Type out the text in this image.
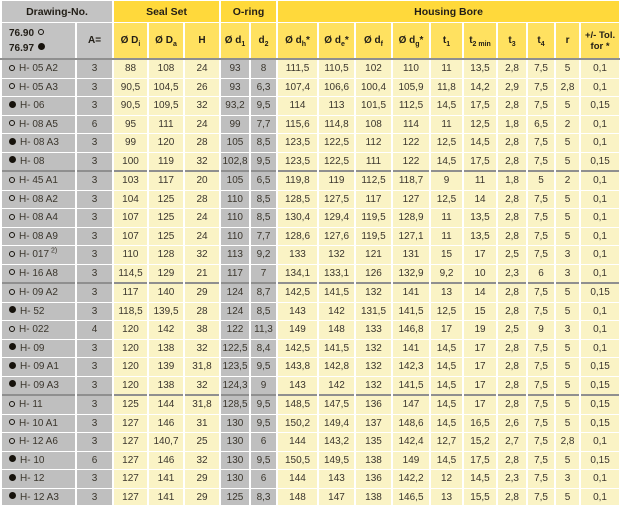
Drawing-No.		Seal Set			O-ring		Housing Bore									

76.90
76.97
	A=	Ø $D_i$	Ø $D_a$	H	Ø $d_1$	$d_2$	Ø $d_h*$	Ø $d_e*$	Ø $d_f$	Ø $d_g*$	$t_1$	$t_{2 min}$	$t_3$	$t_4$	r	+/- Tol.
for *

H- 05 A2	3	88	108	24	93	8	111,5	110,5	102	110	11	13,5	2,8	7,5	5	0,1
H- 05 A3	3	90,5	104,5	26	93	6,3	107,4	106,6	100,4	105,9	11,8	14,2	2,9	7,5	2,8	0,1
H- 06	3	90,5	109,5	32	93,2	9,5	114	113	101,5	112,5	14,5	17,5	2,8	7,5	5	0,15
H- 08 A5	6	95	111	24	99	7,7	115,6	114,8	108	114	11	12,5	1,8	6,5	2	0,1
H- 08 A3	3	99	120	28	105	8,5	123,5	122,5	112	122	12,5	14,5	2,8	7,5	5	0,1
H- 08	3	100	119	32	102,8	9,5	123,5	122,5	111	122	14,5	17,5	2,8	7,5	5	0,15
H- 45 A1	3	103	117	20	105	6,5	119,8	119	112,5	118,7	9	11	1,8	5	2	0,1
H- 08 A2	3	104	125	28	110	8,5	128,5	127,5	117	127	12,5	14	2,8	7,5	5	0,1
H- 08 A4	3	107	125	24	110	8,5	130,4	129,4	119,5	128,9	11	13,5	2,8	7,5	5	0,1
H- 08 A9	3	107	125	24	110	7,7	128,6	127,6	119,5	127,1	11	13,5	2,8	7,5	5	0,1
H- 017 $^{2)}$	3	110	128	32	113	9,2	133	132	121	131	15	17	2,5	7,5	3	0,1
H- 16 A8	3	114,5	129	21	117	7	134,1	133,1	126	132,9	9,2	10	2,3	6	3	0,1
H- 09 A2	3	117	140	29	124	8,7	142,5	141,5	132	141	13	14	2,8	7,5	5	0,15
H- 52	3	118,5	139,5	28	124	8,5	143	142	131,5	141,5	12,5	15	2,8	7,5	5	0,1
H- 022	4	120	142	38	122	11,3	149	148	133	146,8	17	19	2,5	9	3	0,1
H- 09	3	120	138	32	122,5	8,4	142,5	141,5	132	141	14,5	17	2,8	7,5	5	0,1
H- 09 A1	3	120	139	31,8	123,5	9,5	143,8	142,8	132	142,3	14,5	17	2,8	7,5	5	0,15
H- 09 A3	3	120	138	32	124,3	9	143	142	132	141,5	14,5	17	2,8	7,5	5	0,15
H- 11	3	125	144	31,8	128,5	9,5	148,5	147,5	136	147	14,5	17	2,8	7,5	5	0,15
H- 10 A1	3	127	146	31	130	9,5	150,2	149,4	137	148,6	14,5	16,5	2,6	7,5	5	0,15
H- 12 A6	3	127	140,7	25	130	6	144	143,2	135	142,4	12,7	15,2	2,7	7,5	2,8	0,1
H- 10	6	127	146	32	130	9,5	150,5	149,5	138	149	14,5	17,5	2,8	7,5	5	0,15
H- 12	3	127	141	29	130	6	144	143	136	142,2	12	14,5	2,3	7,5	3	0,1
H- 12 A3	3	127	141	29	125	8,3	148	147	138	146,5	13	15,5	2,8	7,5	5	0,1
